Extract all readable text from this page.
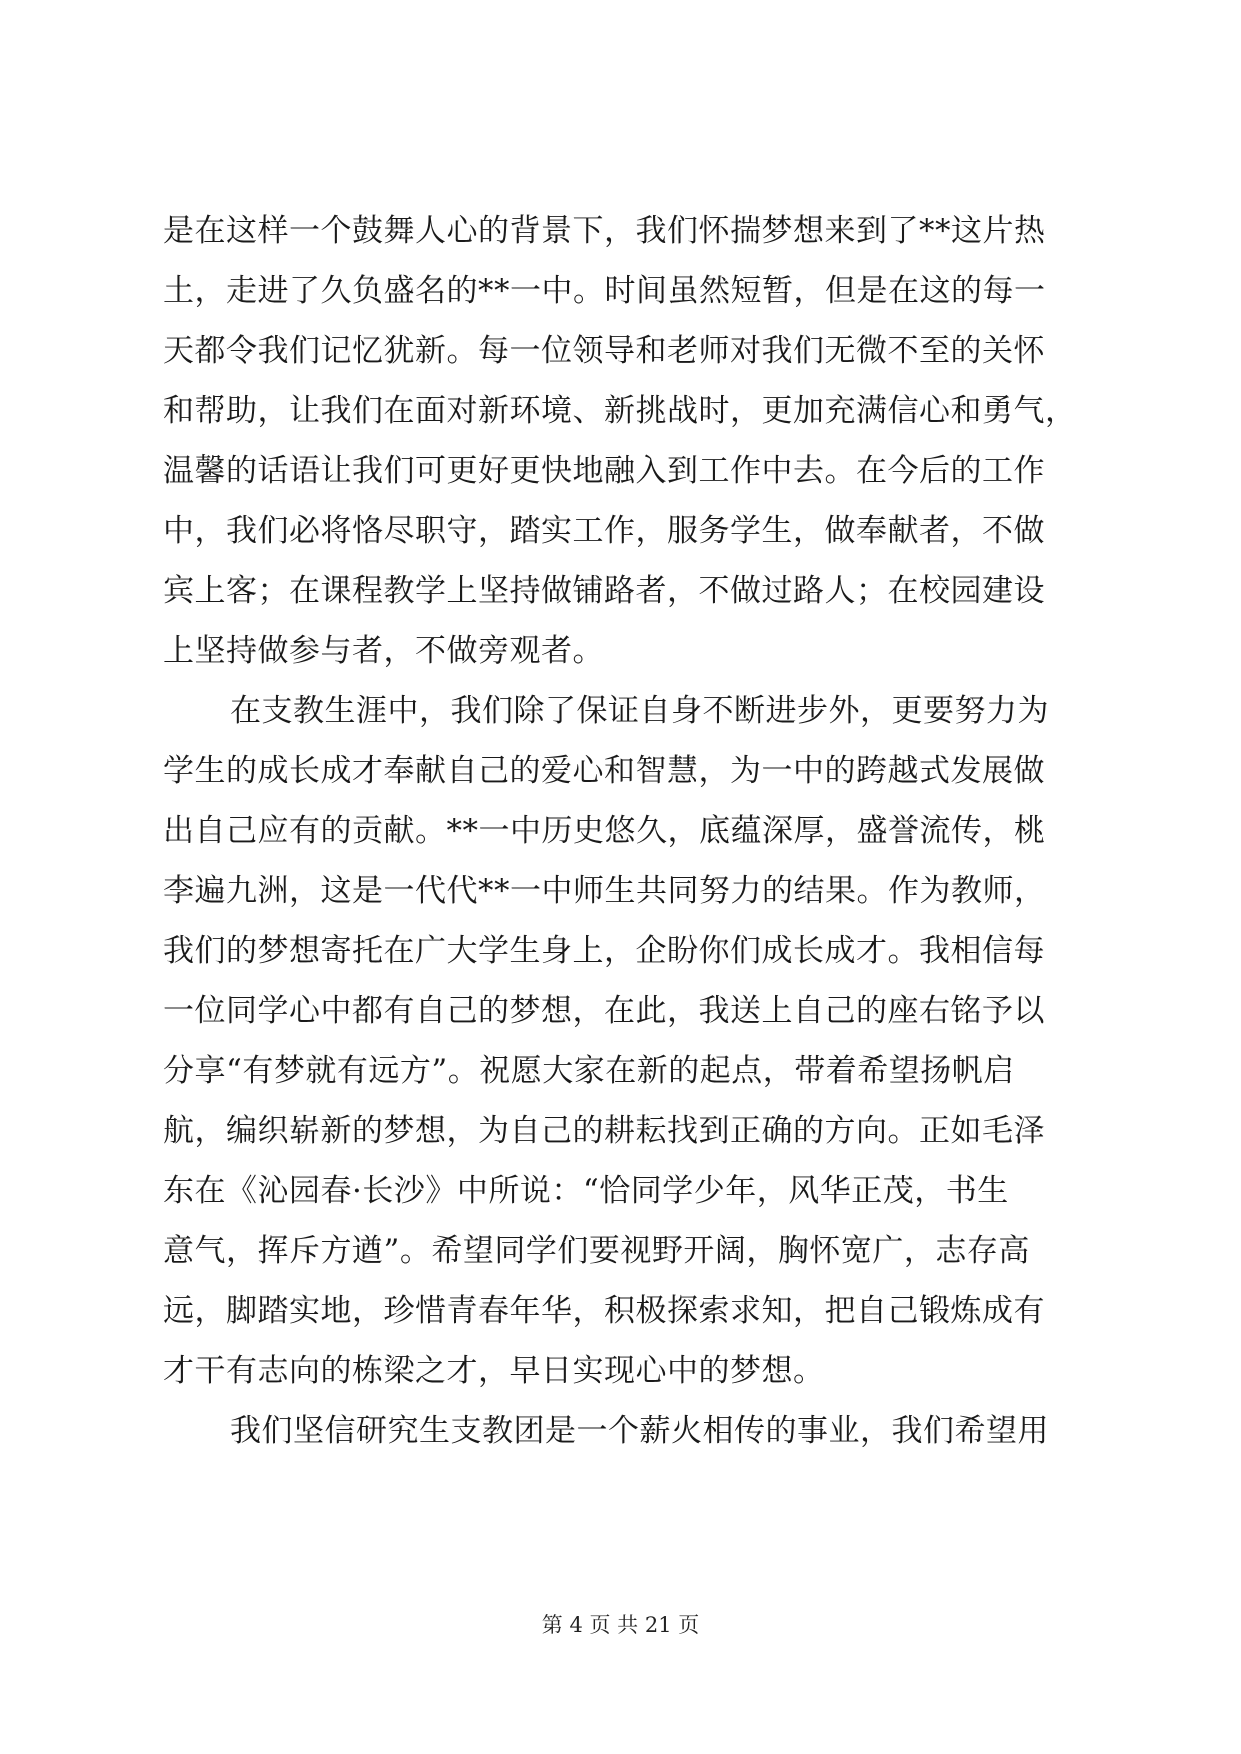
是在这样一个鼓舞人心的背景下，我们怀揣梦想来到了**这片热
土，走进了久负盛名的**一中。时间虽然短暂，但是在这的每一
天都令我们记忆犹新。每一位领导和老师对我们无微不至的关怀
和帮助，让我们在面对新环境、新挑战时，更加充满信心和勇气，
温馨的话语让我们可更好更快地融入到工作中去。在今后的工作
中，我们必将恪尽职守，踏实工作，服务学生，做奉献者，不做
宾上客；在课程教学上坚持做铺路者，不做过路人；在校园建设
上坚持做参与者，不做旁观者。
在支教生涯中，我们除了保证自身不断进步外，更要努力为
学生的成长成才奉献自己的爱心和智慧，为一中的跨越式发展做
出自己应有的贡献。**一中历史悠久，底蕴深厚，盛誉流传，桃
李遍九洲，这是一代代**一中师生共同努力的结果。作为教师，
我们的梦想寄托在广大学生身上，企盼你们成长成才。我相信每
一位同学心中都有自己的梦想，在此，我送上自己的座右铭予以
分享“有梦就有远方”。祝愿大家在新的起点，带着希望扬帆启
航，编织崭新的梦想，为自己的耕耘找到正确的方向。正如毛泽
东在《沁园春·长沙》中所说：“恰同学少年，风华正茂，书生
意气，挥斥方遒”。希望同学们要视野开阔，胸怀宽广，志存高
远，脚踏实地，珍惜青春年华，积极探索求知，把自己锻炼成有
才干有志向的栋梁之才，早日实现心中的梦想。
我们坚信研究生支教团是一个薪火相传的事业，我们希望用
第 4 页 共 21 页
